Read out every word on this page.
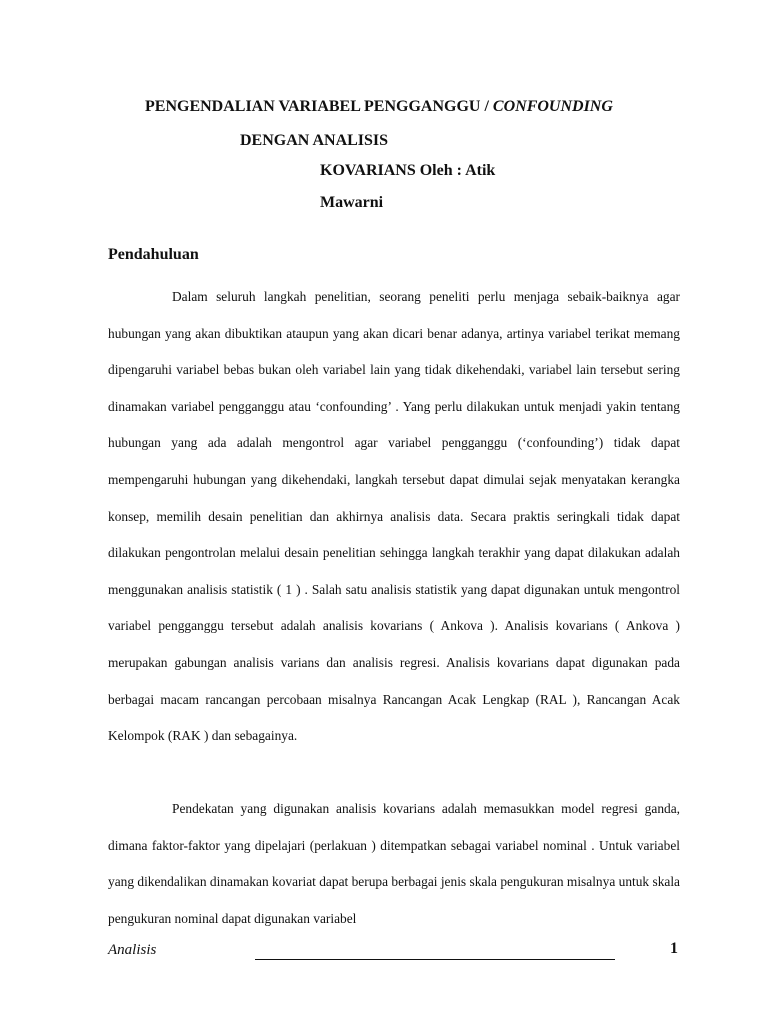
PENGENDALIAN VARIABEL PENGGANGGU / CONFOUNDING
DENGAN ANALISIS
KOVARIANS Oleh : Atik
Mawarni
Pendahuluan

Dalam seluruh langkah penelitian, seorang peneliti perlu menjaga sebaik-baiknya agar hubungan yang akan dibuktikan ataupun yang akan dicari benar adanya, artinya variabel terikat memang dipengaruhi variabel bebas bukan oleh variabel lain yang tidak dikehendaki, variabel lain tersebut sering dinamakan variabel pengganggu atau ‘confounding’ . Yang perlu dilakukan untuk menjadi yakin tentang hubungan yang ada adalah mengontrol agar variabel pengganggu (‘confounding’) tidak dapat mempengaruhi hubungan yang dikehendaki, langkah tersebut dapat dimulai sejak menyatakan kerangka konsep, memilih desain penelitian dan akhirnya analisis data. Secara praktis seringkali tidak dapat dilakukan pengontrolan melalui desain penelitian sehingga langkah terakhir yang dapat dilakukan adalah menggunakan analisis statistik ( 1 ) . Salah satu analisis statistik yang dapat digunakan untuk mengontrol variabel pengganggu tersebut adalah analisis kovarians ( Ankova ). Analisis kovarians ( Ankova ) merupakan gabungan analisis varians dan analisis regresi. Analisis kovarians dapat digunakan pada berbagai macam rancangan percobaan misalnya Rancangan Acak Lengkap (RAL ), Rancangan Acak Kelompok (RAK ) dan sebagainya.

Pendekatan yang digunakan analisis kovarians adalah memasukkan model regresi ganda, dimana faktor-faktor yang dipelajari (perlakuan ) ditempatkan sebagai variabel nominal . Untuk variabel yang dikendalikan dinamakan kovariat dapat berupa berbagai jenis skala pengukuran misalnya untuk skala pengukuran nominal dapat digunakan variabel

Analisis	1
